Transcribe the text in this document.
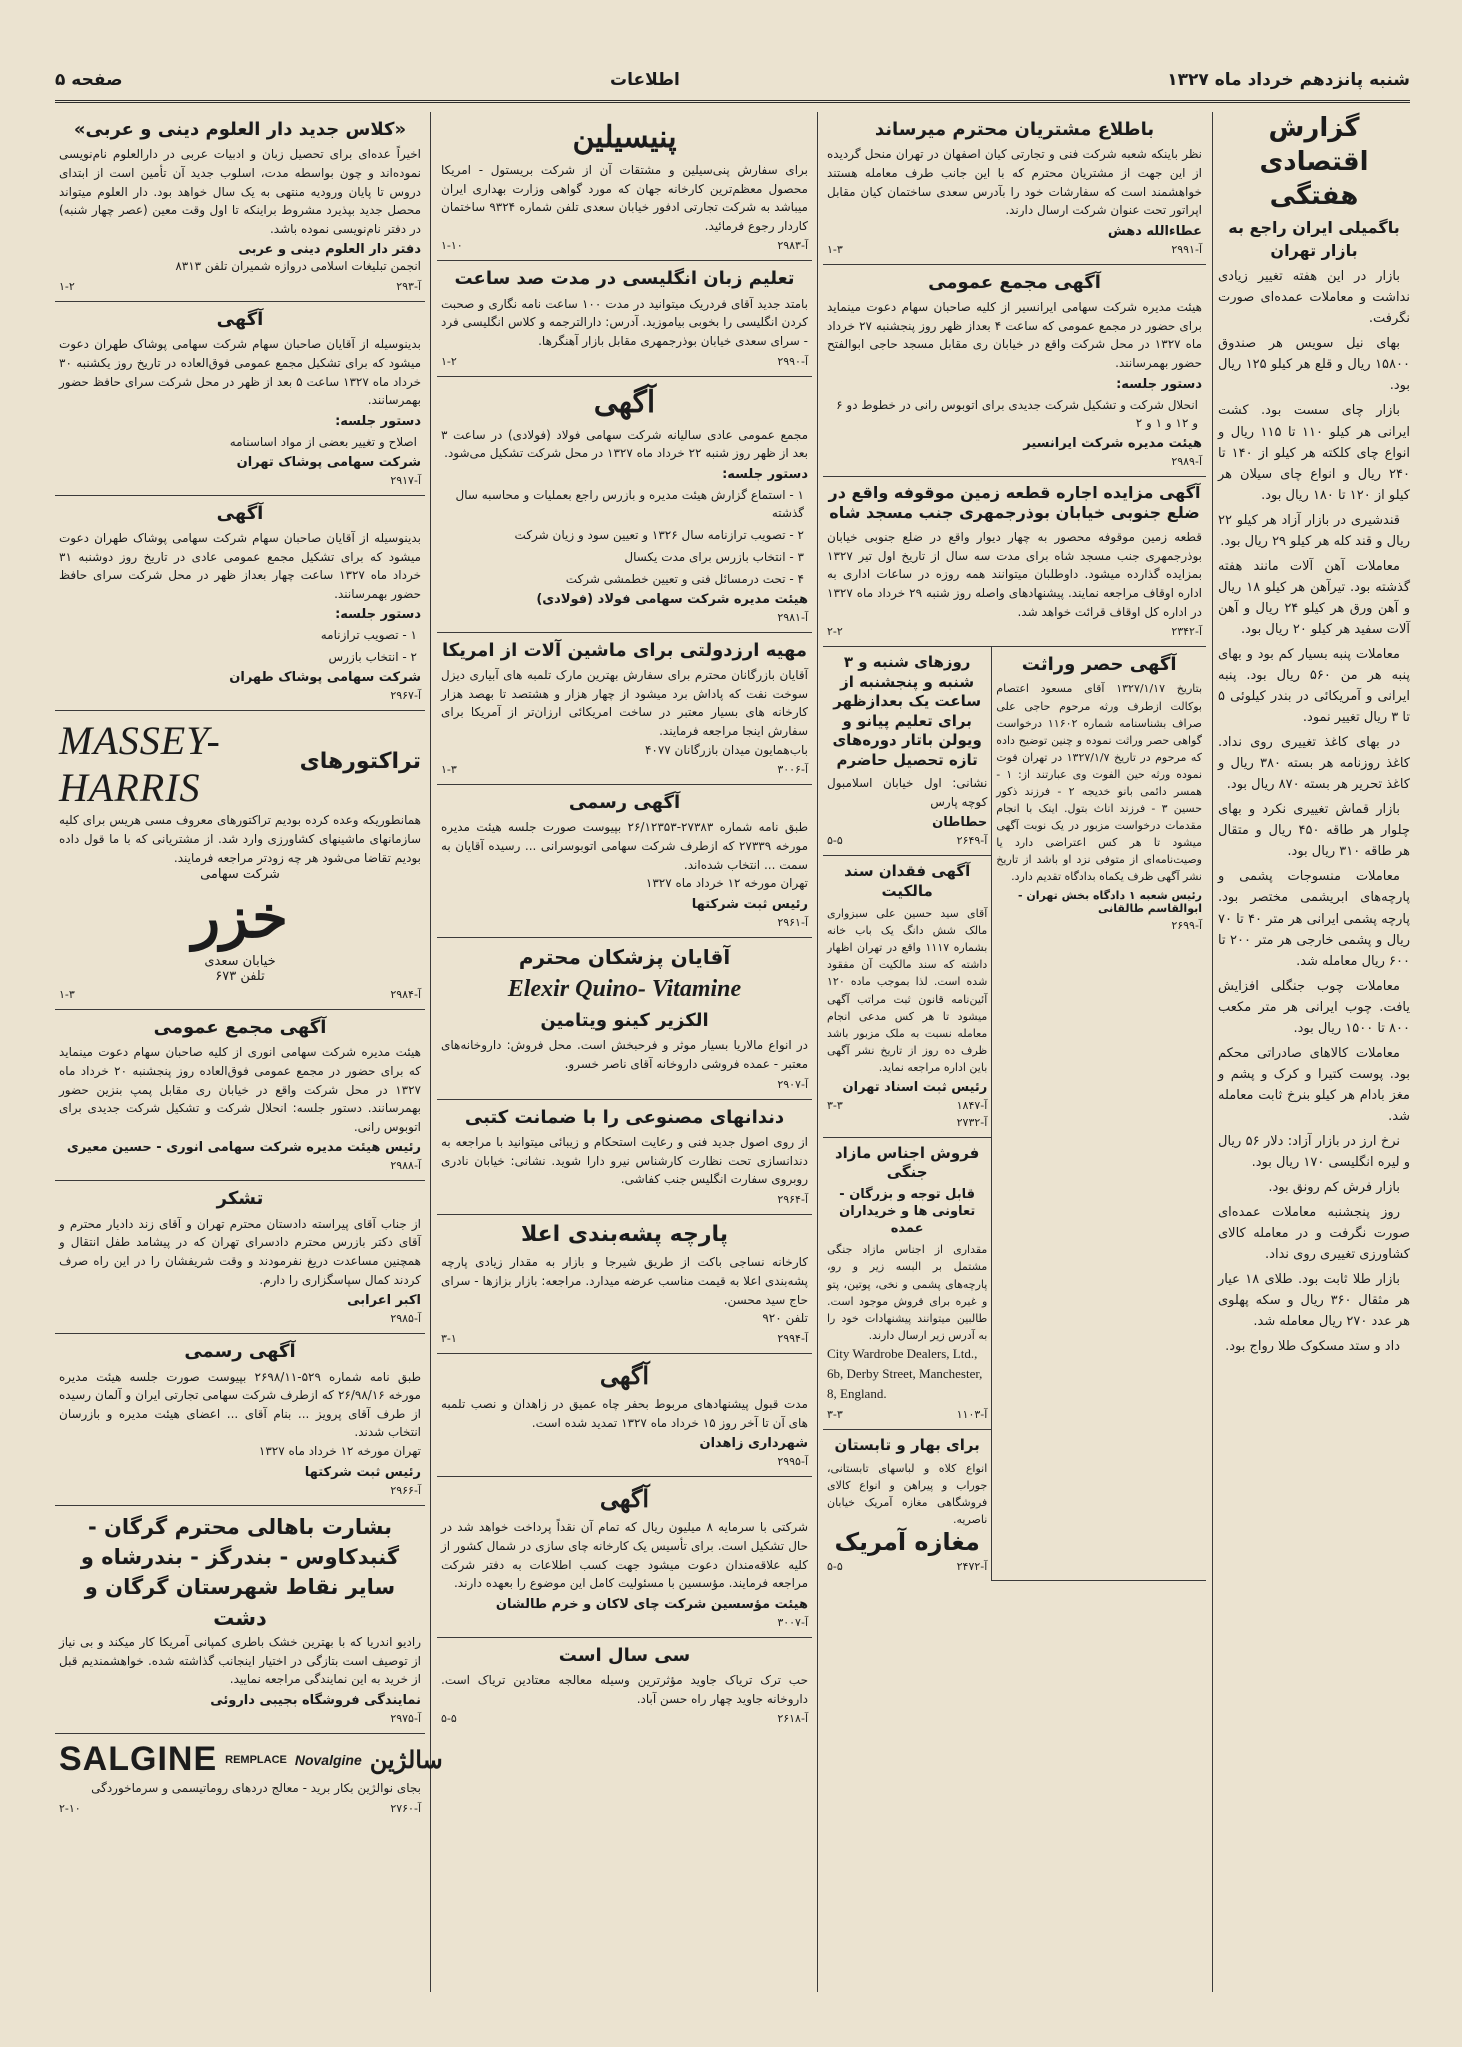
صفحه ۵	اطلاعات	شنبه پانزدهم خرداد ماه ۱۳۲۷
«کلاس جدید دار العلوم دینی و عربی»
اخیراً عده‌ای برای تحصیل زبان و ادبیات عربی در دارالعلوم نام‌نویسی نموده‌اند و چون بواسطه مدت، اسلوب جدید آن تأمین است از ابتدای دروس تا پایان ورودیه منتهی به یک سال خواهد بود. دار العلوم میتواند محصل جدید بپذیرد مشروط براینکه تا اول وقت معین (عصر چهار شنبه) در دفتر نام‌نویسی نموده باشد.
دفتر دار العلوم دینی و عربی
انجمن تبلیغات اسلامی دروازه شمیران تلفن ۸۳۱۳
آ-۲۹۳
۱-۲
آگهی
بدینوسیله از آقایان صاحبان سهام شرکت سهامی پوشاک طهران دعوت میشود که برای تشکیل مجمع عمومی فوق‌العاده در تاریخ روز یکشنبه ۳۰ خرداد ماه ۱۳۲۷ ساعت ۵ بعد از ظهر در محل شرکت سرای حافظ حضور بهمرسانند.
دستور جلسه:
اصلاح و تغییر بعضی از مواد اساسنامه
شرکت سهامی پوشاک تهران
آ-۲۹۱۷
آگهی
بدینوسیله از آقایان صاحبان سهام شرکت سهامی پوشاک طهران دعوت میشود که برای تشکیل مجمع عمومی عادی در تاریخ روز دوشنبه ۳۱ خرداد ماه ۱۳۲۷ ساعت چهار بعداز ظهر در محل شرکت سرای حافظ حضور بهمرسانند.
دستور جلسه:
۱ - تصویب ترازنامه
۲ - انتخاب بازرس
شرکت سهامی پوشاک طهران
آ-۲۹۶۷
تراکتورهای
MASSEY-HARRIS
همانطوریکه وعده کرده بودیم تراکتورهای معروف مسی هریس برای کلیه سازمانهای ماشینهای کشاورزی وارد شد. از مشتریانی که با ما قول داده بودیم تقاضا می‌شود هر چه زودتر مراجعه فرمایند.
شرکت سهامی
خزر
خیابان سعدی
تلفن ۶۷۳
آ-۲۹۸۴
۱-۳
آگهی مجمع عمومی
هیئت مدیره شرکت سهامی انوری از کلیه صاحبان سهام دعوت مینماید که برای حضور در مجمع عمومی فوق‌العاده روز پنجشنبه ۲۰ خرداد ماه ۱۳۲۷ در محل شرکت واقع در خیابان ری مقابل پمپ بنزین حضور بهمرسانند. دستور جلسه: انحلال شرکت و تشکیل شرکت جدیدی برای اتوبوس رانی.
رئیس هیئت مدیره شرکت سهامی انوری - حسین معیری
آ-۲۹۸۸
تشکر
از جناب آقای پیراسته دادستان محترم تهران و آقای زند دادیار محترم و آقای دکتر بازرس محترم دادسرای تهران که در پیشامد طفل انتقال و همچنین مساعدت دریغ نفرمودند و وقت شریفشان را در این راه صرف کردند کمال سپاسگزاری را دارم.
اکبر اعرابی
آ-۲۹۸۵
آگهی رسمی
طبق نامه شماره ۵۲۹-۲۶۹۸/۱۱ بپیوست صورت جلسه هیئت مدیره مورخه ۲۶/۹۸/۱۶ که ازطرف شرکت سهامی تجارتی ایران و آلمان رسیده از طرف آقای پرویز ... بنام آقای ... اعضای هیئت مدیره و بازرسان انتخاب شدند.
تهران مورخه ۱۲ خرداد ماه ۱۳۲۷
رئیس ثبت شرکتها
آ-۲۹۶۶
بشارت باهالی محترم گرگان - گنبدکاوس - بندرگز - بندرشاه و سایر نقاط شهرستان گرگان و دشت
رادیو اندریا که با بهترین خشک باطری کمپانی آمریکا کار میکند و بی نیاز از توصیف است بتازگی در اختیار اینجانب گذاشته شده. خواهشمندیم قبل از خرید به این نمایندگی مراجعه نمایید.
نمایندگی فروشگاه بجیبی داروئی
آ-۲۹۷۵
SALGINE REMPLACE Novalgine سالژین
بجای نوالژین بکار برید - معالج دردهای روماتیسمی و سرماخوردگی
آ-۲۷۶۰
۲-۱۰
پنیسیلین
برای سفارش پنی‌سیلین و مشتقات آن از شرکت بریستول - امریکا محصول معظم‌ترین کارخانه جهان که مورد گواهی وزارت بهداری ایران میباشد به شرکت تجارتی ادفور خیابان سعدی تلفن شماره ۹۳۲۴ ساختمان کاردار رجوع فرمائید.
آ-۲۹۸۳
۱-۱۰
تعلیم زبان انگلیسی در مدت صد ساعت
بامتد جدید آقای فردریک میتوانید در مدت ۱۰۰ ساعت نامه نگاری و صحبت کردن انگلیسی را بخوبی بیاموزید. آدرس: دارالترجمه و کلاس انگلیسی فرد - سرای سعدی خیابان بوذرجمهری مقابل بازار آهنگرها.
آ-۲۹۹۰
۱-۲
آگهی
مجمع عمومی عادی سالیانه شرکت سهامی فولاد (فولادی) در ساعت ۳ بعد از ظهر روز شنبه ۲۲ خرداد ماه ۱۳۲۷ در محل شرکت تشکیل می‌شود.
دستور جلسه:
۱ - استماع گزارش هیئت مدیره و بازرس راجع بعملیات و محاسبه سال گذشته
۲ - تصویب ترازنامه سال ۱۳۲۶ و تعیین سود و زیان شرکت
۳ - انتخاب بازرس برای مدت یکسال
۴ - تحت درمسائل فنی و تعیین خطمشی شرکت
هیئت مدیره شرکت سهامی فولاد (فولادی)
آ-۲۹۸۱
مهیه ارزدولتی برای ماشین آلات از امریکا
آقایان بازرگانان محترم برای سفارش بهترین مارک تلمبه های آبیاری دیزل سوخت نفت که پاداش برد میشود از چهار هزار و هشتصد تا بهصد هزار کارخانه های بسیار معتبر در ساخت امریکائی ارزان‌تر از آمریکا برای سفارش اینجا مراجعه فرمایند.
باب‌همایون میدان بازرگانان ۴۰۷۷
آ-۳۰۰۶
۱-۳
آگهی رسمی
طبق نامه شماره ۲۷۳۸۳-۲۶/۱۲۳۵۳ بپیوست صورت جلسه هیئت مدیره مورخه ۲۷۳۳۹ که ازطرف شرکت سهامی اتوبوسرانی ... رسیده آقایان به سمت ... انتخاب شده‌اند.
تهران مورخه ۱۲ خرداد ماه ۱۳۲۷
رئیس ثبت شرکتها
آ-۲۹۶۱
آقایان پزشکان محترم
Elexir Quino- Vitamine
الکزیر کینو ویتامین
در انواع مالاریا بسیار موثر و فرحبخش است. محل فروش: داروخانه‌های معتبر - عمده فروشی داروخانه آقای ناصر خسرو.
آ-۲۹۰۷
دندانهای مصنوعی را با ضمانت کتبی
از روی اصول جدید فنی و رعایت استحکام و زیبائی میتوانید با مراجعه به دندانسازی تحت نظارت کارشناس نیرو دارا شوید. نشانی: خیابان نادری روبروی سفارت انگلیس جنب کفاشی.
آ-۲۹۶۴
پارچه پشه‌بندی اعلا
کارخانه نساجی باکت از طریق شیرجا و بازار به مقدار زیادی پارچه پشه‌بندی اعلا به قیمت مناسب عرضه میدارد. مراجعه: بازار بزازها - سرای حاج سید محسن.
تلفن ۹۲۰
آ-۲۹۹۴
۳-۱
آگهی
مدت قبول پیشنهادهای مربوط بحفر چاه عمیق در زاهدان و نصب تلمبه های آن تا آخر روز ۱۵ خرداد ماه ۱۳۲۷ تمدید شده است.
شهرداری زاهدان
آ-۲۹۹۵
آگهی
شرکتی با سرمایه ۸ میلیون ریال که تمام آن نقداً پرداخت خواهد شد در حال تشکیل است. برای تأسیس یک کارخانه چای سازی در شمال کشور از کلیه علاقه‌مندان دعوت میشود جهت کسب اطلاعات به دفتر شرکت مراجعه فرمایند. مؤسسین با مسئولیت کامل این موضوع را بعهده دارند.
هیئت مؤسسین شرکت چای لاکان و خرم طالشان
آ-۳۰۰۷
سی سال است
حب ترک تریاک جاوید مؤثرترین وسیله معالجه معتادین تریاک است. داروخانه جاوید چهار راه حسن آباد.
آ-۲۶۱۸
۵-۵
باطلاع مشتریان محترم میرساند
نظر باینکه شعبه شرکت فنی و تجارتی کیان اصفهان در تهران منحل گردیده از این جهت از مشتریان محترم که با این جانب طرف معامله هستند خواهشمند است که سفارشات خود را بآدرس سعدی ساختمان کیان مقابل اپراتور تحت عنوان شرکت ارسال دارند.
عطاءالله دهش
آ-۲۹۹۱
۱-۳
آگهی مجمع عمومی
هیئت مدیره شرکت سهامی ایرانسیر از کلیه صاحبان سهام دعوت مینماید برای حضور در مجمع عمومی که ساعت ۴ بعداز ظهر روز پنجشنبه ۲۷ خرداد ماه ۱۳۲۷ در محل شرکت واقع در خیابان ری مقابل مسجد حاجی ابوالفتح حضور بهمرسانند.
دستور جلسه:
انحلال شرکت و تشکیل شرکت جدیدی برای اتوبوس رانی در خطوط دو ۶ و ۱۲ و ۱ و ۲
هیئت مدیره شرکت ایرانسیر
آ-۲۹۸۹
آگهی مزایده اجاره قطعه زمین موقوفه واقع در ضلع جنوبی خیابان بوذرجمهری جنب مسجد شاه
قطعه زمین موقوفه محصور به چهار دیوار واقع در ضلع جنوبی خیابان بوذرجمهری جنب مسجد شاه برای مدت سه سال از تاریخ اول تیر ۱۳۲۷ بمزایده گذارده میشود. داوطلبان میتوانند همه روزه در ساعات اداری به اداره اوقاف مراجعه نمایند. پیشنهادهای واصله روز شنبه ۲۹ خرداد ماه ۱۳۲۷ در اداره کل اوقاف قرائت خواهد شد.
آ-۲۳۴۲
۲-۲
آگهی حصر وراثت
بتاریخ ۱۳۲۷/۱/۱۷ آقای مسعود اعتصام بوکالت ازطرف ورثه مرحوم حاجی علی صراف بشناسنامه شماره ۱۱۶۰۲ درخواست گواهی حصر وراثت نموده و چنین توضیح داده که مرحوم در تاریخ ۱۳۲۷/۱/۷ در تهران فوت نموده ورثه حین الفوت وی عبارتند از: ۱ - همسر دائمی بانو خدیجه ۲ - فرزند ذکور حسین ۳ - فرزند اناث بتول. اینک با انجام مقدمات درخواست مزبور در یک نوبت آگهی میشود تا هر کس اعتراضی دارد یا وصیت‌نامه‌ای از متوفی نزد او باشد از تاریخ نشر آگهی ظرف یکماه بدادگاه تقدیم دارد.
رئیس شعبه ۱ دادگاه بخش تهران - ابوالقاسم طالقانی
آ-۲۶۹۹
روزهای شنبه و ۳ شنبه و پنجشنبه از ساعت یک بعدازظهر برای تعلیم پیانو و ویولن باتار دوره‌های تازه تحصیل حاضرم
نشانی: اول خیابان اسلامبول کوچه پارس
حطاطان
آ-۲۶۴۹
۵-۵
آگهی فقدان سند مالکیت
آقای سید حسین علی سبزواری مالک شش دانگ یک باب خانه بشماره ۱۱۱۷ واقع در تهران اظهار داشته که سند مالکیت آن مفقود شده است. لذا بموجب ماده ۱۲۰ آئین‌نامه قانون ثبت مراتب آگهی میشود تا هر کس مدعی انجام معامله نسبت به ملک مزبور باشد ظرف ده روز از تاریخ نشر آگهی باین اداره مراجعه نماید.
رئیس ثبت اسناد تهران
آ-۱۸۴۷
۳-۳
آ-۲۷۳۲
فروش اجناس مازاد جنگی
قابل توجه و بزرگان - تعاونی ها و خریداران عمده
مقداری از اجناس مازاد جنگی مشتمل بر البسه زیر و رو، پارچه‌های پشمی و نخی، پوتین، پتو و غیره برای فروش موجود است. طالبین میتوانند پیشنهادات خود را به آدرس زیر ارسال دارند.
City Wardrobe Dealers, Ltd., 6b, Derby Street, Manchester, 8, England.
آ-۱۱۰۳
۳-۳
برای بهار و تابستان
انواع کلاه و لباسهای تابستانی، جوراب و پیراهن و انواع کالای فروشگاهی مغازه آمریک خیابان ناصریه.
مغازه آمریک
آ-۲۴۷۲
۵-۵
گزارش اقتصادی هفتگی
باگمیلی ایران راجع به بازار تهران

بازار در این هفته تغییر زیادی نداشت و معاملات عمده‌ای صورت نگرفت.

بهای نیل سویس هر صندوق ۱۵۸۰۰ ریال و قلع هر کیلو ۱۲۵ ریال بود.

بازار چای سست بود. کشت ایرانی هر کیلو ۱۱۰ تا ۱۱۵ ریال و انواع چای کلکته هر کیلو از ۱۴۰ تا ۲۴۰ ریال و انواع چای سیلان هر کیلو از ۱۲۰ تا ۱۸۰ ریال بود.

قندشیری در بازار آزاد هر کیلو ۲۲ ریال و قند کله هر کیلو ۲۹ ریال بود.

معاملات آهن آلات مانند هفته گذشته بود. تیرآهن هر کیلو ۱۸ ریال و آهن ورق هر کیلو ۲۴ ریال و آهن آلات سفید هر کیلو ۲۰ ریال بود.

معاملات پنبه بسیار کم بود و بهای پنبه هر من ۵۶۰ ریال بود. پنبه ایرانی و آمریکائی در بندر کیلوئی ۵ تا ۳ ریال تغییر نمود.

در بهای کاغذ تغییری روی نداد. کاغذ روزنامه هر بسته ۳۸۰ ریال و کاغذ تحریر هر بسته ۸۷۰ ریال بود.

بازار قماش تغییری نکرد و بهای چلوار هر طاقه ۴۵۰ ریال و متقال هر طاقه ۳۱۰ ریال بود.

معاملات منسوجات پشمی و پارچه‌های ابریشمی مختصر بود. پارچه پشمی ایرانی هر متر ۴۰ تا ۷۰ ریال و پشمی خارجی هر متر ۲۰۰ تا ۶۰۰ ریال معامله شد.

معاملات چوب جنگلی افزایش یافت. چوب ایرانی هر متر مکعب ۸۰۰ تا ۱۵۰۰ ریال بود.

معاملات کالاهای صادراتی محکم بود. پوست کتیرا و کرک و پشم و مغز بادام هر کیلو بنرخ ثابت معامله شد.

نرخ ارز در بازار آزاد: دلار ۵۶ ریال و لیره انگلیسی ۱۷۰ ریال بود.

بازار فرش کم رونق بود.

روز پنجشنبه معاملات عمده‌ای صورت نگرفت و در معامله کالای کشاورزی تغییری روی نداد.

بازار طلا ثابت بود. طلای ۱۸ عیار هر مثقال ۳۶۰ ریال و سکه پهلوی هر عدد ۲۷۰ ریال معامله شد.

داد و ستد مسکوک طلا رواج بود.
